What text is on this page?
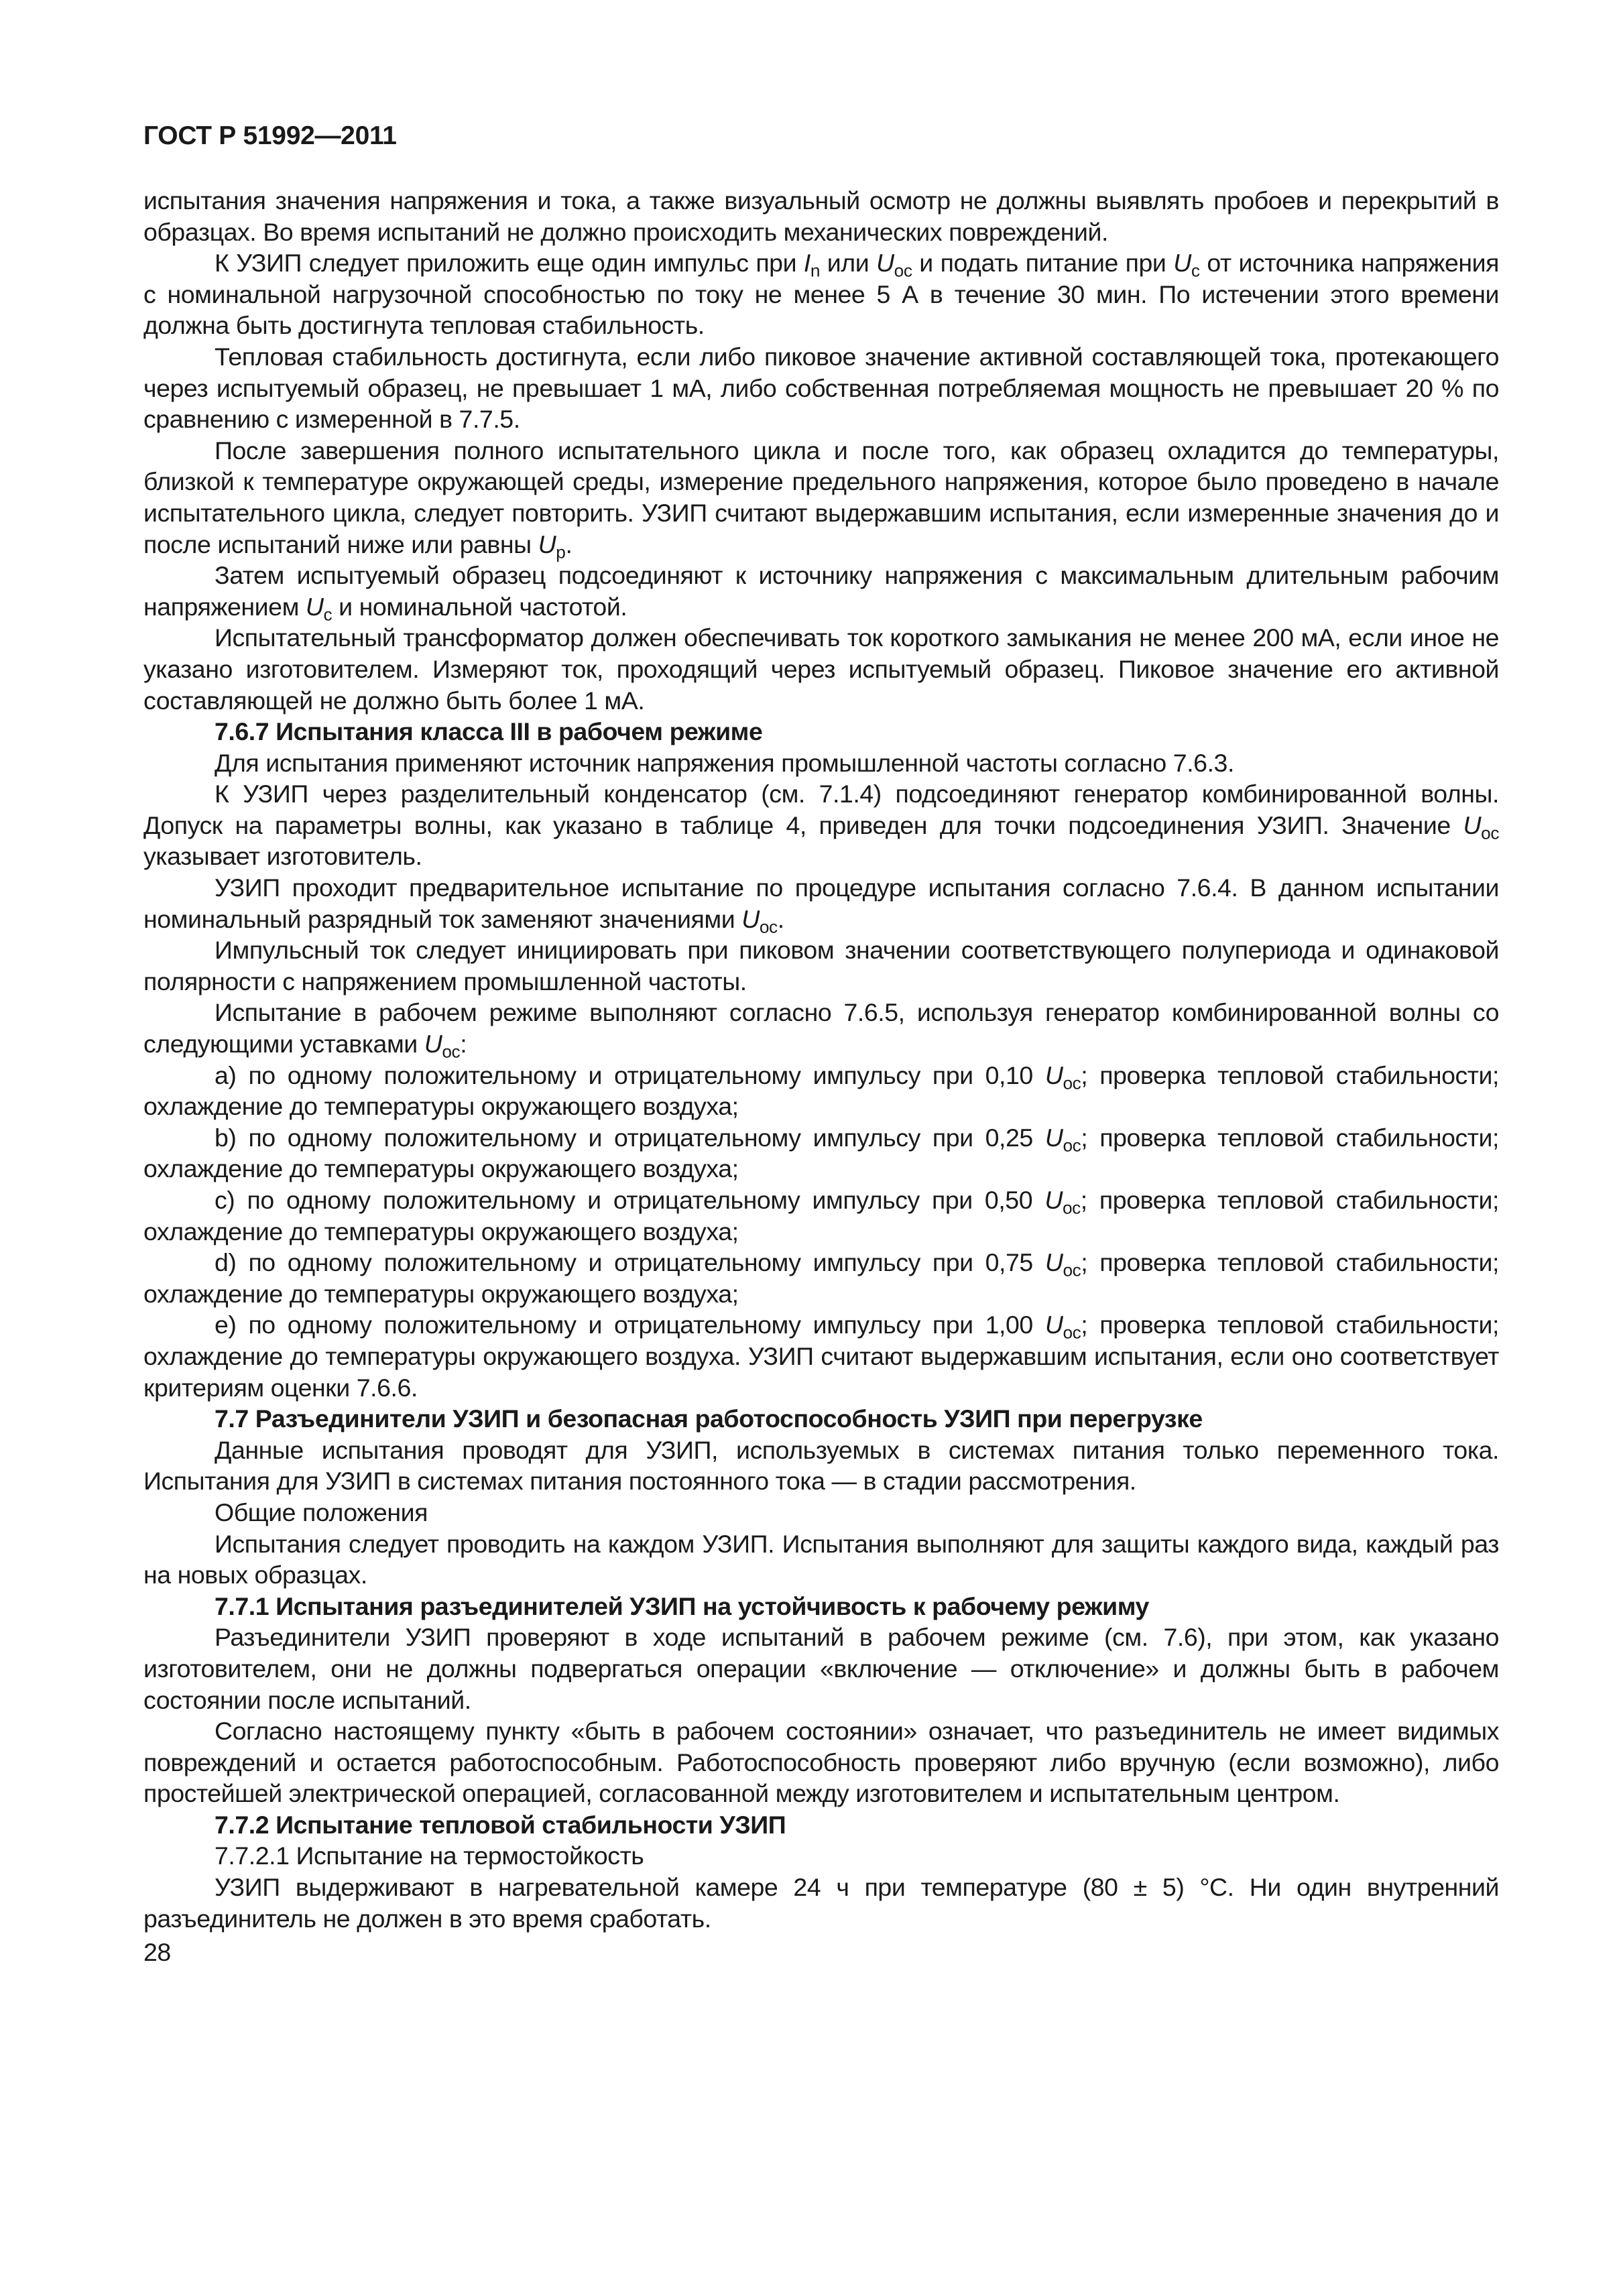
ГОСТ Р 51992—2011

испытания значения напряжения и тока, а также визуальный осмотр не должны выявлять пробоев и перекрытий в образцах. Во время испытаний не должно происходить механических повреждений.

К УЗИП следует приложить еще один импульс при $I_n$ или $U_{oc}$ и подать питание при $U_c$ от источника напряжения с номинальной нагрузочной способностью по току не менее 5 А в течение 30 мин. По истечении этого времени должна быть достигнута тепловая стабильность.

Тепловая стабильность достигнута, если либо пиковое значение активной составляющей тока, протекающего через испытуемый образец, не превышает 1 мА, либо собственная потребляемая мощность не превышает 20 % по сравнению с измеренной в 7.7.5.

После завершения полного испытательного цикла и после того, как образец охладится до температуры, близкой к температуре окружающей среды, измерение предельного напряжения, которое было проведено в начале испытательного цикла, следует повторить. УЗИП считают выдержавшим испытания, если измеренные значения до и после испытаний ниже или равны $U_p$.

Затем испытуемый образец подсоединяют к источнику напряжения с максимальным длительным рабочим напряжением $U_c$ и номинальной частотой.

Испытательный трансформатор должен обеспечивать ток короткого замыкания не менее 200 мА, если иное не указано изготовителем. Измеряют ток, проходящий через испытуемый образец. Пиковое значение его активной составляющей не должно быть более 1 мА.

7.6.7 Испытания класса III в рабочем режиме

Для испытания применяют источник напряжения промышленной частоты согласно 7.6.3.

К УЗИП через разделительный конденсатор (см. 7.1.4) подсоединяют генератор комбинированной волны. Допуск на параметры волны, как указано в таблице 4, приведен для точки подсоединения УЗИП. Значение $U_{oc}$ указывает изготовитель.

УЗИП проходит предварительное испытание по процедуре испытания согласно 7.6.4. В данном испытании номинальный разрядный ток заменяют значениями $U_{oc}$.

Импульсный ток следует инициировать при пиковом значении соответствующего полупериода и одинаковой полярности с напряжением промышленной частоты.

Испытание в рабочем режиме выполняют согласно 7.6.5, используя генератор комбинированной волны со следующими уставками $U_{oc}$:

a) по одному положительному и отрицательному импульсу при 0,10 $U_{oc}$; проверка тепловой стабильности; охлаждение до температуры окружающего воздуха;

b) по одному положительному и отрицательному импульсу при 0,25 $U_{oc}$; проверка тепловой стабильности; охлаждение до температуры окружающего воздуха;

c) по одному положительному и отрицательному импульсу при 0,50 $U_{oc}$; проверка тепловой стабильности; охлаждение до температуры окружающего воздуха;

d) по одному положительному и отрицательному импульсу при 0,75 $U_{oc}$; проверка тепловой стабильности; охлаждение до температуры окружающего воздуха;

e) по одному положительному и отрицательному импульсу при 1,00 $U_{oc}$; проверка тепловой стабильности; охлаждение до температуры окружающего воздуха. УЗИП считают выдержавшим испытания, если оно соответствует критериям оценки 7.6.6.

7.7 Разъединители УЗИП и безопасная работоспособность УЗИП при перегрузке

Данные испытания проводят для УЗИП, используемых в системах питания только переменного тока. Испытания для УЗИП в системах питания постоянного тока — в стадии рассмотрения.

Общие положения

Испытания следует проводить на каждом УЗИП. Испытания выполняют для защиты каждого вида, каждый раз на новых образцах.

7.7.1 Испытания разъединителей УЗИП на устойчивость к рабочему режиму

Разъединители УЗИП проверяют в ходе испытаний в рабочем режиме (см. 7.6), при этом, как указано изготовителем, они не должны подвергаться операции «включение — отключение» и должны быть в рабочем состоянии после испытаний.

Согласно настоящему пункту «быть в рабочем состоянии» означает, что разъединитель не имеет видимых повреждений и остается работоспособным. Работоспособность проверяют либо вручную (если возможно), либо простейшей электрической операцией, согласованной между изготовителем и испытательным центром.

7.7.2 Испытание тепловой стабильности УЗИП

7.7.2.1 Испытание на термостойкость

УЗИП выдерживают в нагревательной камере 24 ч при температуре (80 ± 5) °С. Ни один внутренний разъединитель не должен в это время сработать.

28
